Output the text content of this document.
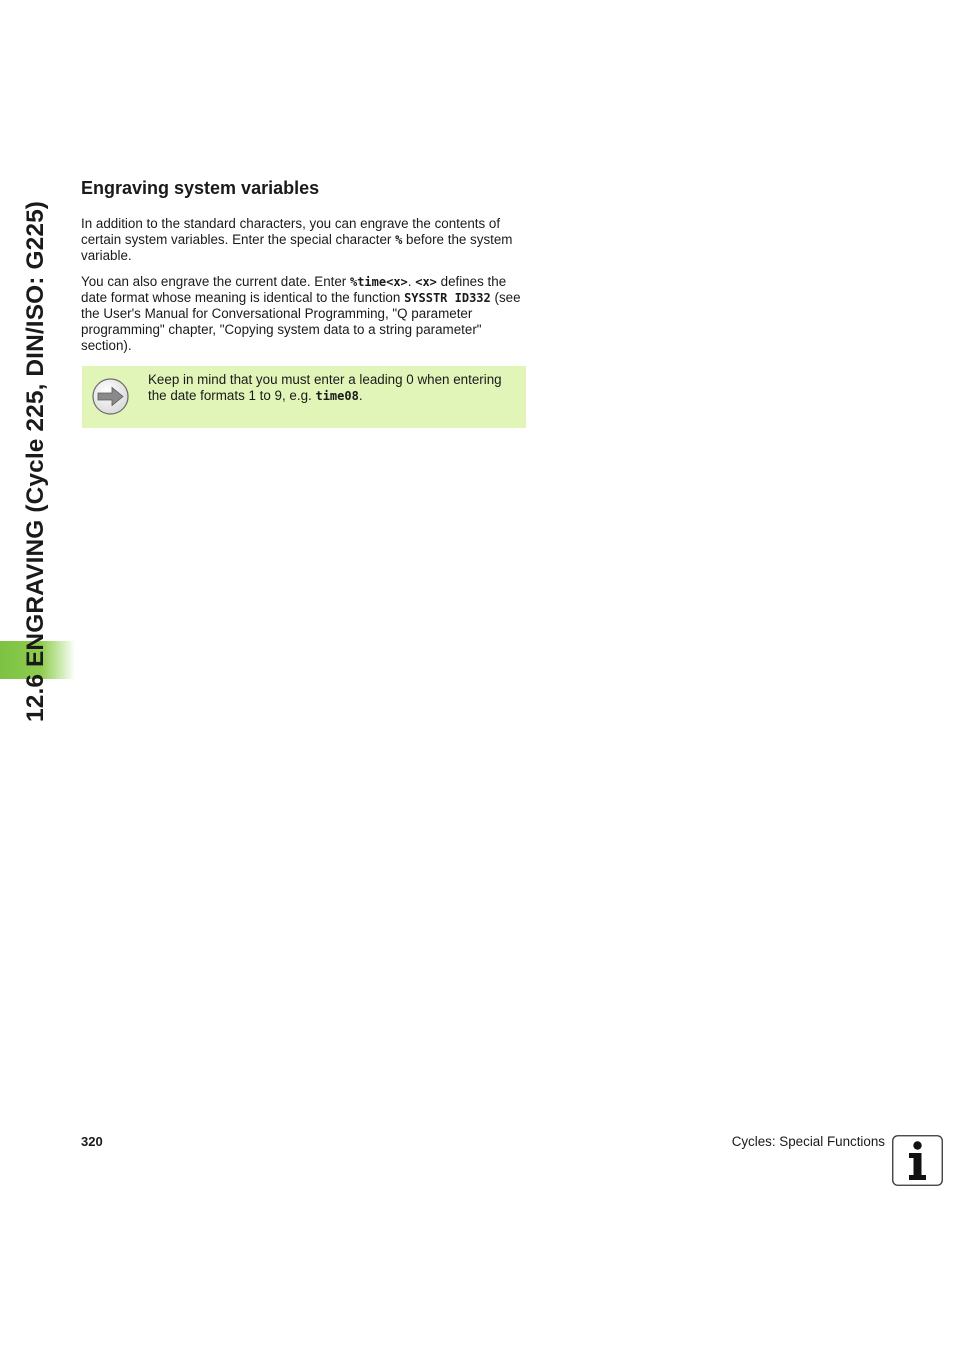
12.6 ENGRAVING (Cycle 225, DIN/ISO: G225)
Engraving system variables

In addition to the standard characters, you can engrave the contents of certain system variables. Enter the special character % before the system variable.

You can also engrave the current date. Enter %time<x>. <x> defines the date format whose meaning is identical to the function SYSSTR ID332 (see the User's Manual for Conversational Programming, "Q parameter programming" chapter, "Copying system data to a string parameter" section).

Keep in mind that you must enter a leading 0 when entering the date formats 1 to 9, e.g. time08.

320	Cycles: Special Functions
